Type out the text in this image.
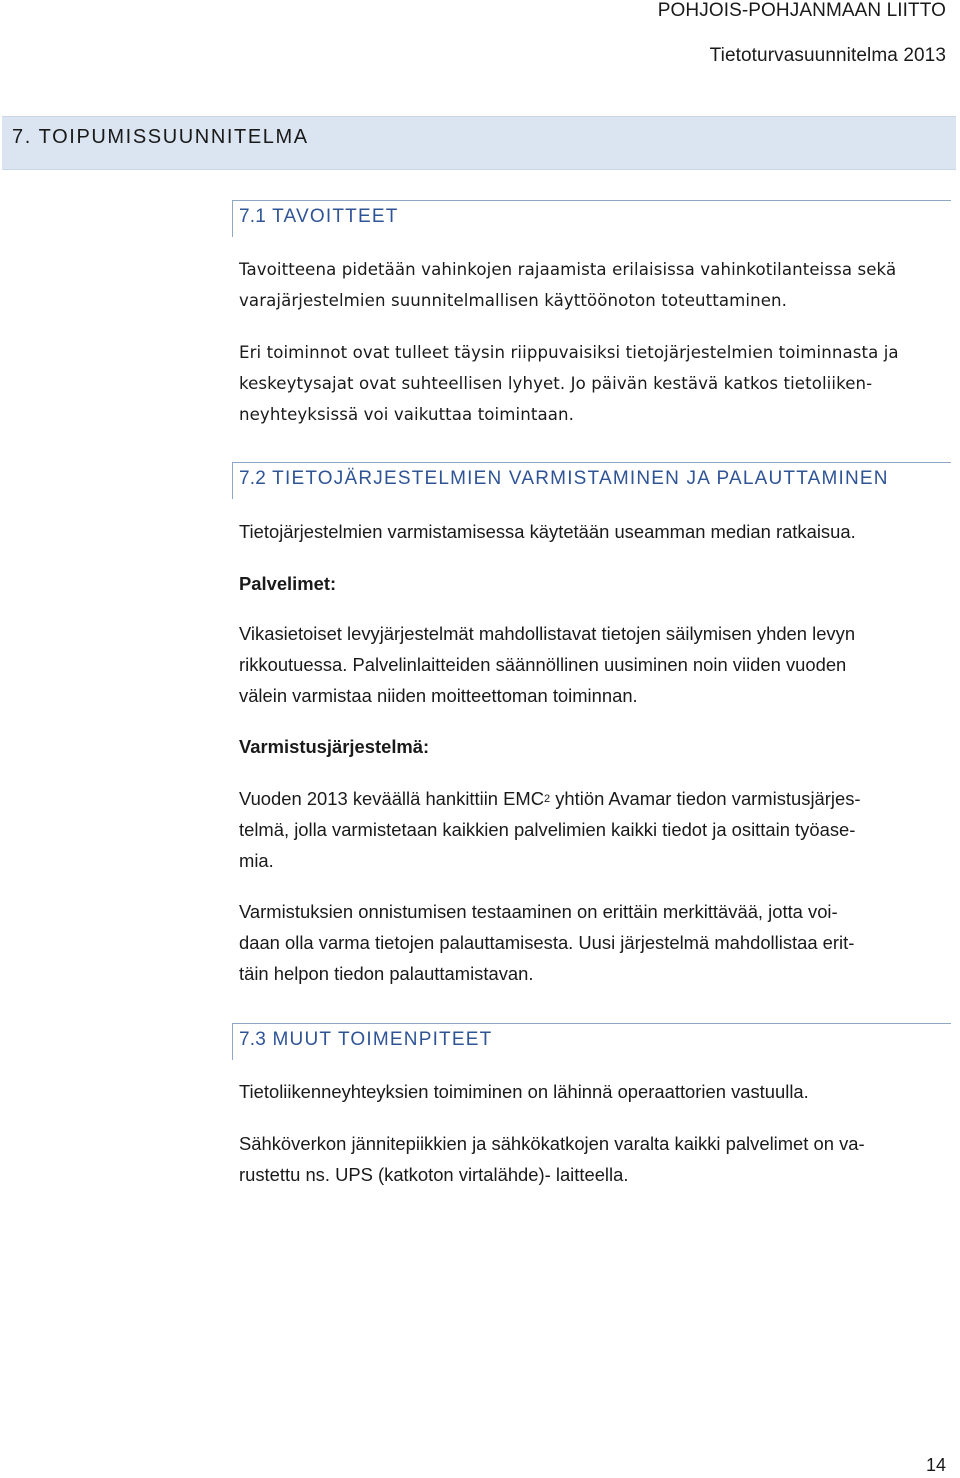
POHJOIS-POHJANMAAN LIITTO
Tietoturvasuunnitelma 2013
7. TOIPUMISSUUNNITELMA
7.1 TAVOITTEET

Tavoitteena pidetään vahinkojen rajaamista erilaisissa vahinkotilanteissa sekä
varajärjestelmien suunnitelmallisen käyttöönoton toteuttaminen.

Eri toiminnot ovat tulleet täysin riippuvaisiksi tietojärjestelmien toiminnasta ja
keskeytysajat ovat suhteellisen lyhyet. Jo päivän kestävä katkos tietoliiken-
neyhteyksissä voi vaikuttaa toimintaan.

7.2 TIETOJÄRJESTELMIEN VARMISTAMINEN JA PALAUTTAMINEN

Tietojärjestelmien varmistamisessa käytetään useamman median ratkaisua.

Palvelimet:

Vikasietoiset levyjärjestelmät mahdollistavat tietojen säilymisen yhden levyn
rikkoutuessa. Palvelinlaitteiden säännöllinen uusiminen noin viiden vuoden
välein varmistaa niiden moitteettoman toiminnan.

Varmistusjärjestelmä:

Vuoden 2013 keväällä hankittiin EMC$^2$ yhtiön Avamar tiedon varmistusjärjes-
telmä, jolla varmistetaan kaikkien palvelimien kaikki tiedot ja osittain työase-
mia.

Varmistuksien onnistumisen testaaminen on erittäin merkittävää, jotta voi-
daan olla varma tietojen palauttamisesta. Uusi järjestelmä mahdollistaa erit-
täin helpon tiedon palauttamistavan.

7.3 MUUT TOIMENPITEET

Tietoliikenneyhteyksien toimiminen on lähinnä operaattorien vastuulla.

Sähköverkon jännitepiikkien ja sähkökatkojen varalta kaikki palvelimet on va-
rustettu ns. UPS (katkoton virtalähde)- laitteella.

14
